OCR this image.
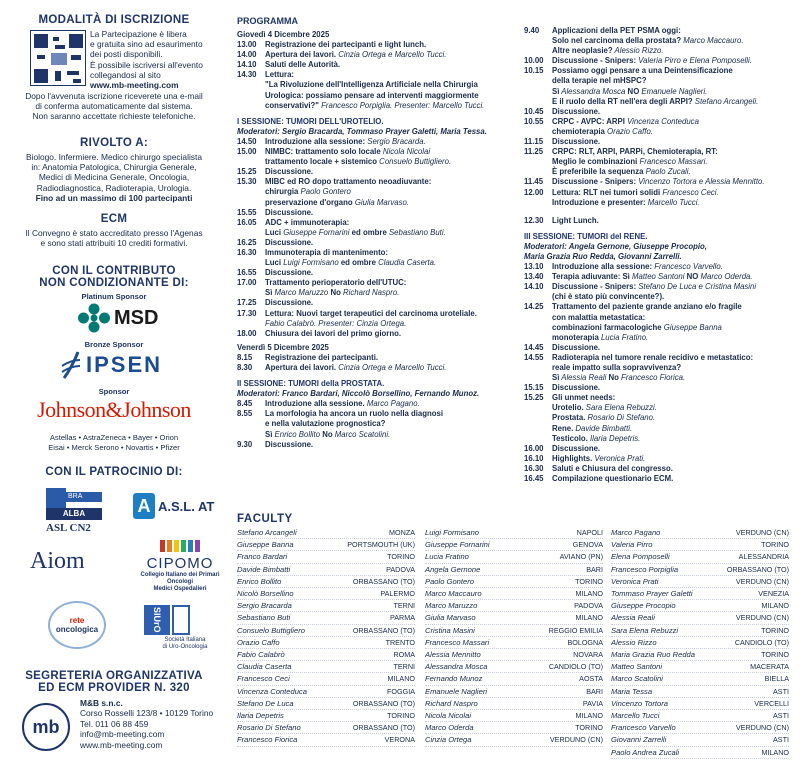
MODALITÀ DI ISCRIZIONE
La Partecipazione è libera
e gratuita sino ad esaurimento
dei posti disponibili.
È possibile iscriversi all'evento
collegandosi al sito
www.mb-meeting.com
Dopo l'avvenuta iscrizione riceverete una e-mail
di conferma automaticamente dal sistema.
Non saranno accettate richieste telefoniche.
RIVOLTO A:
Biologo. Infermiere. Medico chirurgo specialista
in: Anatomia Patologica, Chirurgia Generale,
Medici di Medicina Generale, Oncologia,
Radiodiagnostica, Radioterapia, Urologia.
Fino ad un massimo di 100 partecipanti
ECM
Il Convegno è stato accreditato presso l'Agenas
e sono stati attribuiti 10 crediti formativi.
CON IL CONTRIBUTO
NON CONDIZIONANTE DI:
Platinum Sponsor
MSD
Bronze Sponsor
IPSEN
Sponsor
Johnson&Johnson
Astellas • AstraZeneca • Bayer • Orion
Eisai • Merck Serono • Novartis • Pfizer
CON IL PATROCINIO DI:
BRA
ALBA
ASL CN2
A A.S.L. AT
Aiom	CIPOMO
Collegio Italiano dei Primari Oncologi
Medici Ospedalieri
rete
oncologica	SIUrO
Società Italiana
di Uro-Oncologia
SEGRETERIA ORGANIZZATIVA
ED ECM PROVIDER N. 320
mb
M&B s.n.c.
Corso Rosselli 123/8 • 10129 Torino
Tel. 011 06 88 459
info@mb-meeting.com
www.mb-meeting.com
PROGRAMMA
Giovedì 4 Dicembre 2025
13.00	Registrazione dei partecipanti e light lunch.
14.00	Apertura dei lavori. Cinzia Ortega e Marcello Tucci.
14.10	Saluti delle Autorità.
14.30	Lettura:
"La Rivoluzione dell'Intelligenza Artificiale nella Chirurgia
Urologica: possiamo pensare ad interventi maggiormente
conservativi?" Francesco Porpiglia. Presenter: Marcello Tucci.
I SESSIONE: TUMORI DELL'UROTELIO.
Moderatori: Sergio Bracarda, Tommaso Prayer Galetti, Maria Tessa.
14.50	Introduzione alla sessione: Sergio Bracarda.
15.00	NIMBC: trattamento solo locale Nicola Nicolai
trattamento locale + sistemico Consuelo Buttigliero.
15.25	Discussione.
15.30	MIBC ed RO dopo trattamento neoadiuvante:
chirurgia Paolo Gontero
preservazione d'organo Giulia Marvaso.
15.55	Discussione.
16.05	ADC + immunoterapia:
Luci Giuseppe Fornarini ed ombre Sebastiano Buti.
16.25	Discussione.
16.30	Immunoterapia di mantenimento:
Luci Luigi Formisano ed ombre Claudia Caserta.
16.55	Discussione.
17.00	Trattamento perioperatorio dell'UTUC:
Sì Marco Maruzzo No Richard Naspro.
17.25	Discussione.
17.30	Lettura: Nuovi target terapeutici del carcinoma uroteliale.
Fabio Calabrò. Presenter: Cinzia Ortega.
18.00	Chiusura dei lavori del primo giorno.
Venerdì 5 Dicembre 2025
8.15	Registrazione dei partecipanti.
8.30	Apertura dei lavori. Cinzia Ortega e Marcello Tucci.
II SESSIONE: TUMORI della PROSTATA.
Moderatori: Franco Bardari, Niccolò Borsellino, Fernando Munoz.
8.45	Introduzione alla sessione. Marco Pagano.
8.55	La morfologia ha ancora un ruolo nella diagnosi
e nella valutazione prognostica?
Sì Enrico Bollito No Marco Scatolini.
9.30	Discussione.
9.40	Applicazioni della PET PSMA oggi:
Solo nel carcinoma della prostata? Marco Maccauro.
Altre neoplasie? Alessio Rizzo.
10.00	Discussione - Snipers: Valeria Pirro e Elena Pomposelli.
10.15	Possiamo oggi pensare a una Deintensificazione
della terapie nel mHSPC?
Sì Alessandra Mosca NO Emanuele Naglieri.
E il ruolo della RT nell'era degli ARPI? Stefano Arcangeli.
10.45	Discussione.
10.55	CRPC - AVPC: ARPI Vincenza Conteduca
chemioterapia Orazio Caffo.
11.15	Discussione.
11.25	CRPC: RLT, ARPI, PARPi, Chemioterapia, RT:
Meglio le combinazioni Francesco Massari.
È preferibile la sequenza Paolo Zucali.
11.45	Discussione - Snipers: Vincenzo Tortora e Alessia Mennitto.
12.00	Lettura: RLT nei tumori solidi Francesco Ceci.
Introduzione e presenter: Marcello Tucci.
12.30	Light Lunch.
III SESSIONE: TUMORI del RENE.
Moderatori: Angela Gernone, Giuseppe Procopio,
Maria Grazia Ruo Redda, Giovanni Zarrelli.
13.10	Introduzione alla sessione: Francesco Varvello.
13.40	Terapia adiuvante: Sì Matteo Santoni NO Marco Oderda.
14.10	Discussione - Snipers: Stefano De Luca e Cristina Masini
(chi è stato più convincente?).
14.25	Trattamento del paziente grande anziano e/o fragile
con malattia metastatica:
combinazioni farmacologiche Giuseppe Banna
monoterapia Lucia Fratino.
14.45	Discussione.
14.55	Radioterapia nel tumore renale recidivo e metastatico:
reale impatto sulla sopravvivenza?
Sì Alessia Reali No Francesco Fiorica.
15.15	Discussione.
15.25	Gli unmet needs:
Urotelio. Sara Elena Rebuzzi.
Prostata. Rosario Di Stefano.
Rene. Davide Bimbatti.
Testicolo. Ilaria Depetris.
16.00	Discussione.
16.10	Highlights. Veronica Prati.
16.30	Saluti e Chiusura del congresso.
16.45	Compilazione questionario ECM.
FACULTY
Stefano Arcangeli	MONZA
Giuseppe Banna	PORTSMOUTH (UK)
Franco Bardari	TORINO
Davide Bimbatti	PADOVA
Enrico Bollito	ORBASSANO (TO)
Nicolò Borsellino	PALERMO
Sergio Bracarda	TERNI
Sebastiano Buti	PARMA
Consuelo Buttigliero	ORBASSANO (TO)
Orazio Caffo	TRENTO
Fabio Calabrò	ROMA
Claudia Caserta	TERNI
Francesco Ceci	MILANO
Vincenza Conteduca	FOGGIA
Stefano De Luca	ORBASSANO (TO)
Ilaria Depetris	TORINO
Rosario Di Stefano	ORBASSANO (TO)
Francesco Fiorica	VERONA
Luigi Formisano	NAPOLI
Giuseppe Fornarini	GENOVA
Lucia Fratino	AVIANO (PN)
Angela Gernone	BARI
Paolo Gontero	TORINO
Marco Maccauro	MILANO
Marco Maruzzo	PADOVA
Giulia Marvaso	MILANO
Cristina Masini	REGGIO EMILIA
Francesco Massari	BOLOGNA
Alessia Mennitto	NOVARA
Alessandra Mosca	CANDIOLO (TO)
Fernando Munoz	AOSTA
Emanuele Naglieri	BARI
Richard Naspro	PAVIA
Nicola Nicolai	MILANO
Marco Oderda	TORINO
Cinzia Ortega	VERDUNO (CN)
Marco Pagano	VERDUNO (CN)
Valeria Pirro	TORINO
Elena Pomposelli	ALESSANDRIA
Francesco Porpiglia	ORBASSANO (TO)
Veronica Prati	VERDUNO (CN)
Tommaso Prayer Galetti	VENEZIA
Giuseppe Procopio	MILANO
Alessia Reali	VERDUNO (CN)
Sara Elena Rebuzzi	TORINO
Alessio Rizzo	CANDIOLO (TO)
Maria Grazia Ruo Redda	TORINO
Matteo Santoni	MACERATA
Marco Scatolini	BIELLA
Maria Tessa	ASTI
Vincenzo Tortora	VERCELLI
Marcello Tucci	ASTI
Francesco Varvello	VERDUNO (CN)
Giovanni Zarrelli	ASTI
Paolo Andrea Zucali	MILANO
